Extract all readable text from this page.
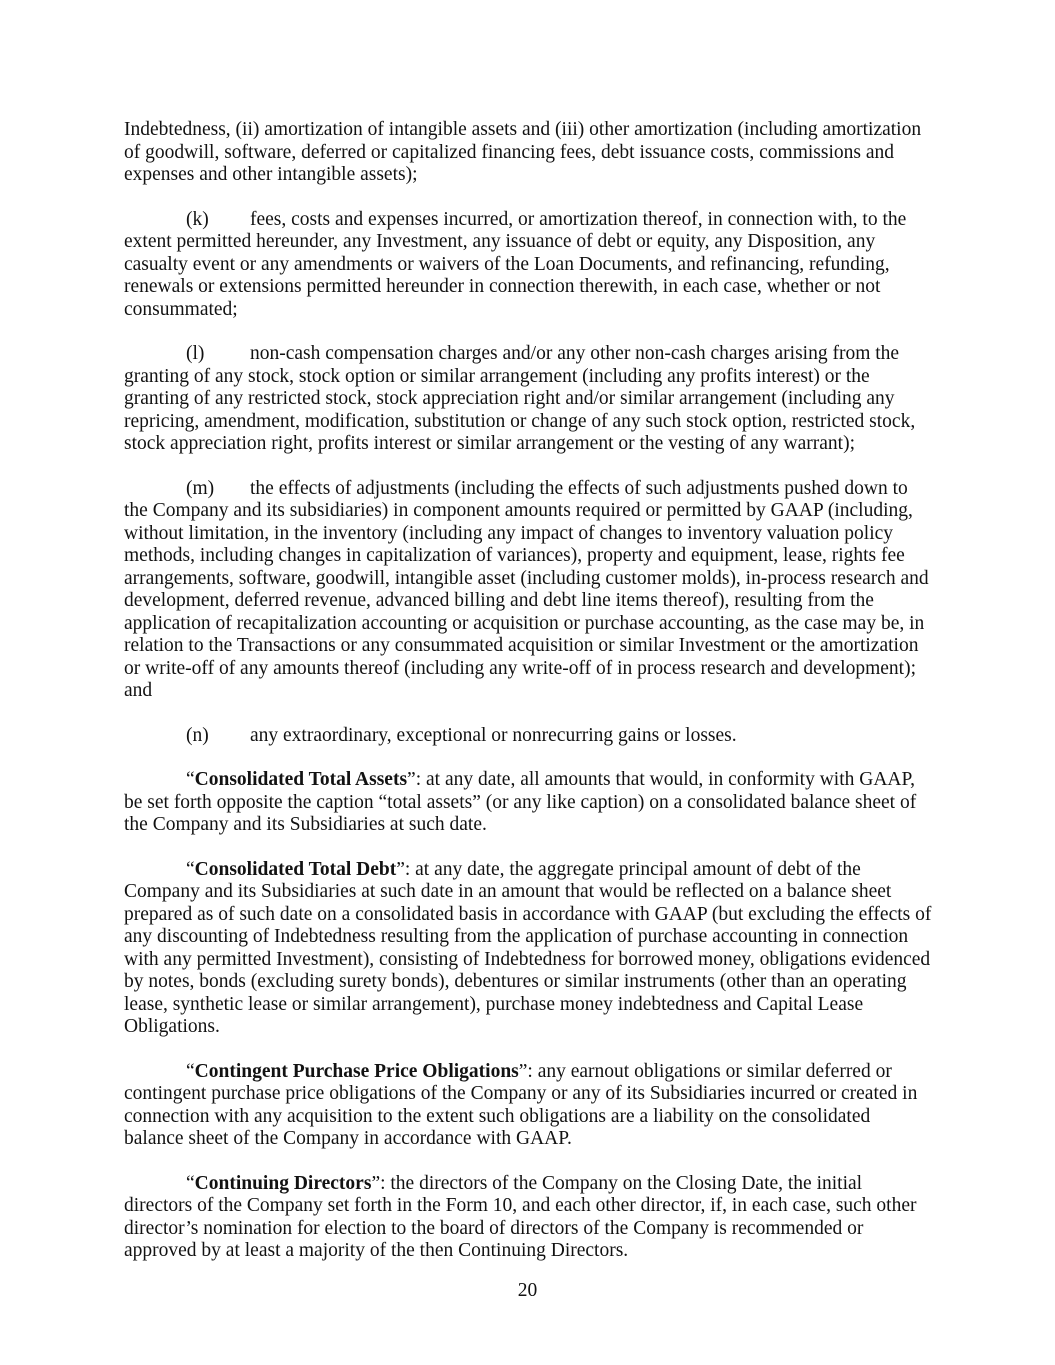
Indebtedness, (ii) amortization of intangible assets and (iii) other amortization (including amortization of goodwill, software, deferred or capitalized financing fees, debt issuance costs, commissions and expenses and other intangible assets);

(k) fees, costs and expenses incurred, or amortization thereof, in connection with, to the extent permitted hereunder, any Investment, any issuance of debt or equity, any Disposition, any casualty event or any amendments or waivers of the Loan Documents, and refinancing, refunding, renewals or extensions permitted hereunder in connection therewith, in each case, whether or not consummated;

(l) non-cash compensation charges and/or any other non-cash charges arising from the granting of any stock, stock option or similar arrangement (including any profits interest) or the granting of any restricted stock, stock appreciation right and/or similar arrangement (including any repricing, amendment, modification, substitution or change of any such stock option, restricted stock, stock appreciation right, profits interest or similar arrangement or the vesting of any warrant);

(m) the effects of adjustments (including the effects of such adjustments pushed down to the Company and its subsidiaries) in component amounts required or permitted by GAAP (including, without limitation, in the inventory (including any impact of changes to inventory valuation policy methods, including changes in capitalization of variances), property and equipment, lease, rights fee arrangements, software, goodwill, intangible asset (including customer molds), in-process research and development, deferred revenue, advanced billing and debt line items thereof), resulting from the application of recapitalization accounting or acquisition or purchase accounting, as the case may be, in relation to the Transactions or any consummated acquisition or similar Investment or the amortization or write-off of any amounts thereof (including any write-off of in process research and development); and

(n) any extraordinary, exceptional or nonrecurring gains or losses.

“Consolidated Total Assets”: at any date, all amounts that would, in conformity with GAAP, be set forth opposite the caption “total assets” (or any like caption) on a consolidated balance sheet of the Company and its Subsidiaries at such date.

“Consolidated Total Debt”: at any date, the aggregate principal amount of debt of the Company and its Subsidiaries at such date in an amount that would be reflected on a balance sheet prepared as of such date on a consolidated basis in accordance with GAAP (but excluding the effects of any discounting of Indebtedness resulting from the application of purchase accounting in connection with any permitted Investment), consisting of Indebtedness for borrowed money, obligations evidenced by notes, bonds (excluding surety bonds), debentures or similar instruments (other than an operating lease, synthetic lease or similar arrangement), purchase money indebtedness and Capital Lease Obligations.

“Contingent Purchase Price Obligations”: any earnout obligations or similar deferred or contingent purchase price obligations of the Company or any of its Subsidiaries incurred or created in connection with any acquisition to the extent such obligations are a liability on the consolidated balance sheet of the Company in accordance with GAAP.

“Continuing Directors”: the directors of the Company on the Closing Date, the initial directors of the Company set forth in the Form 10, and each other director, if, in each case, such other director’s nomination for election to the board of directors of the Company is recommended or approved by at least a majority of the then Continuing Directors.

20
